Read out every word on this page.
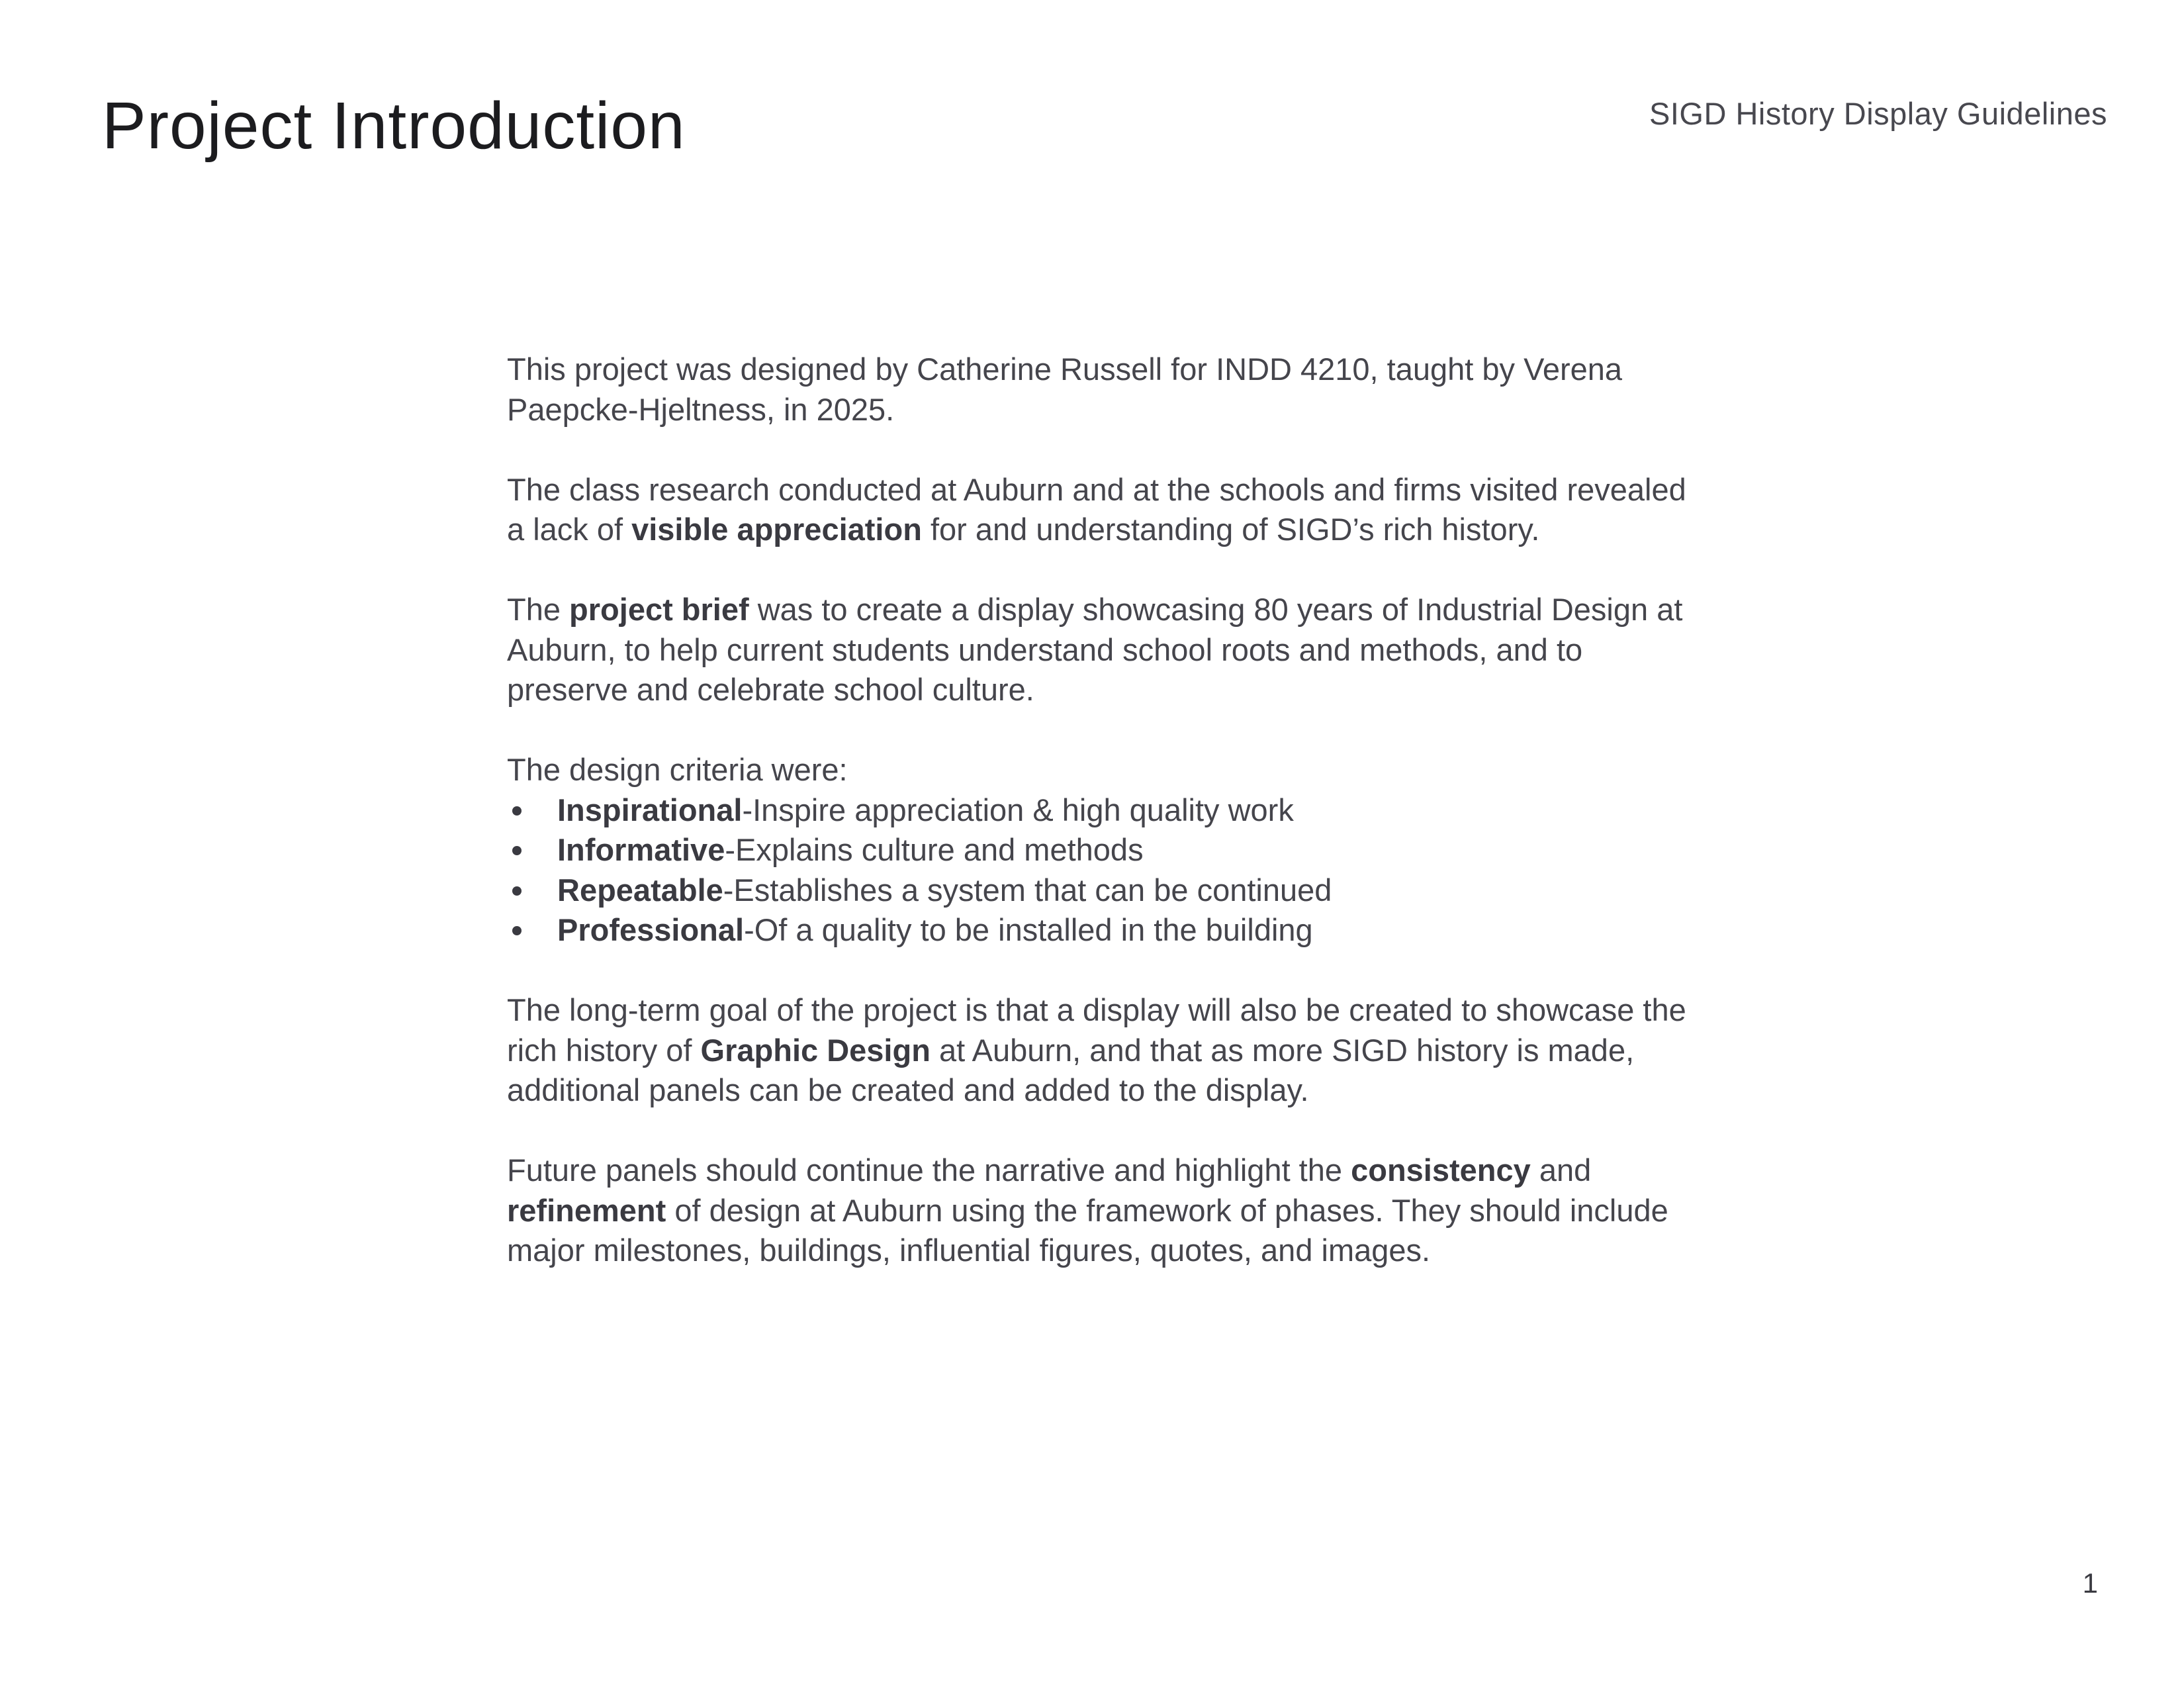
Project Introduction	SIGD History Display Guidelines

This project was designed by Catherine Russell for INDD 4210, taught by Verena Paepcke-Hjeltness, in 2025.

The class research conducted at Auburn and at the schools and firms visited revealed a lack of visible appreciation for and understanding of SIGD’s rich history.

The project brief was to create a display showcasing 80 years of Industrial Design at Auburn, to help current students understand school roots and methods, and to preserve and celebrate school culture.

The design criteria were:
Inspirational-Inspire appreciation & high quality work
Informative-Explains culture and methods
Repeatable-Establishes a system that can be continued
Professional-Of a quality to be installed in the building

The long-term goal of the project is that a display will also be created to showcase the rich history of Graphic Design at Auburn, and that as more SIGD history is made, additional panels can be created and added to the display.

Future panels should continue the narrative and highlight the consistency and refinement of design at Auburn using the framework of phases. They should include major milestones, buildings, influential figures, quotes, and images.

1
